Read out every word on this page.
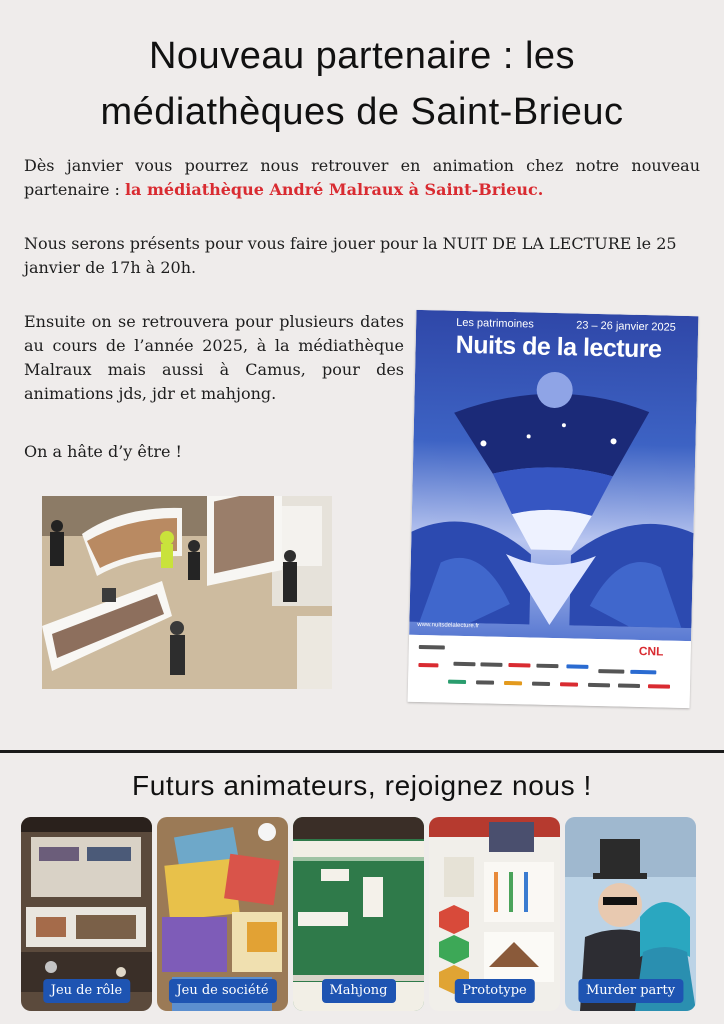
Nouveau partenaire : les
médiathèques de Saint-Brieuc

Dès janvier vous pourrez nous retrouver en animation chez notre nouveau partenaire : la médiathèque André Malraux à Saint-Brieuc.

Nous serons présents pour vous faire jouer pour la NUIT DE LA LECTURE le 25 janvier de 17h à 20h.

Ensuite on se retrouvera pour plusieurs dates au cours de l’année 2025, à la médiathèque Malraux mais aussi à Camus, pour des animations jds, jdr et mahjong.

On a hâte d’y être !

Les patrimoines	23 – 26 janvier 2025
Nuits de la lecture
www.nuitsdelalecture.fr
CNL
Futurs animateurs, rejoignez nous !
Jeu de rôle	Jeu de société	Mahjong	Prototype	Murder party
